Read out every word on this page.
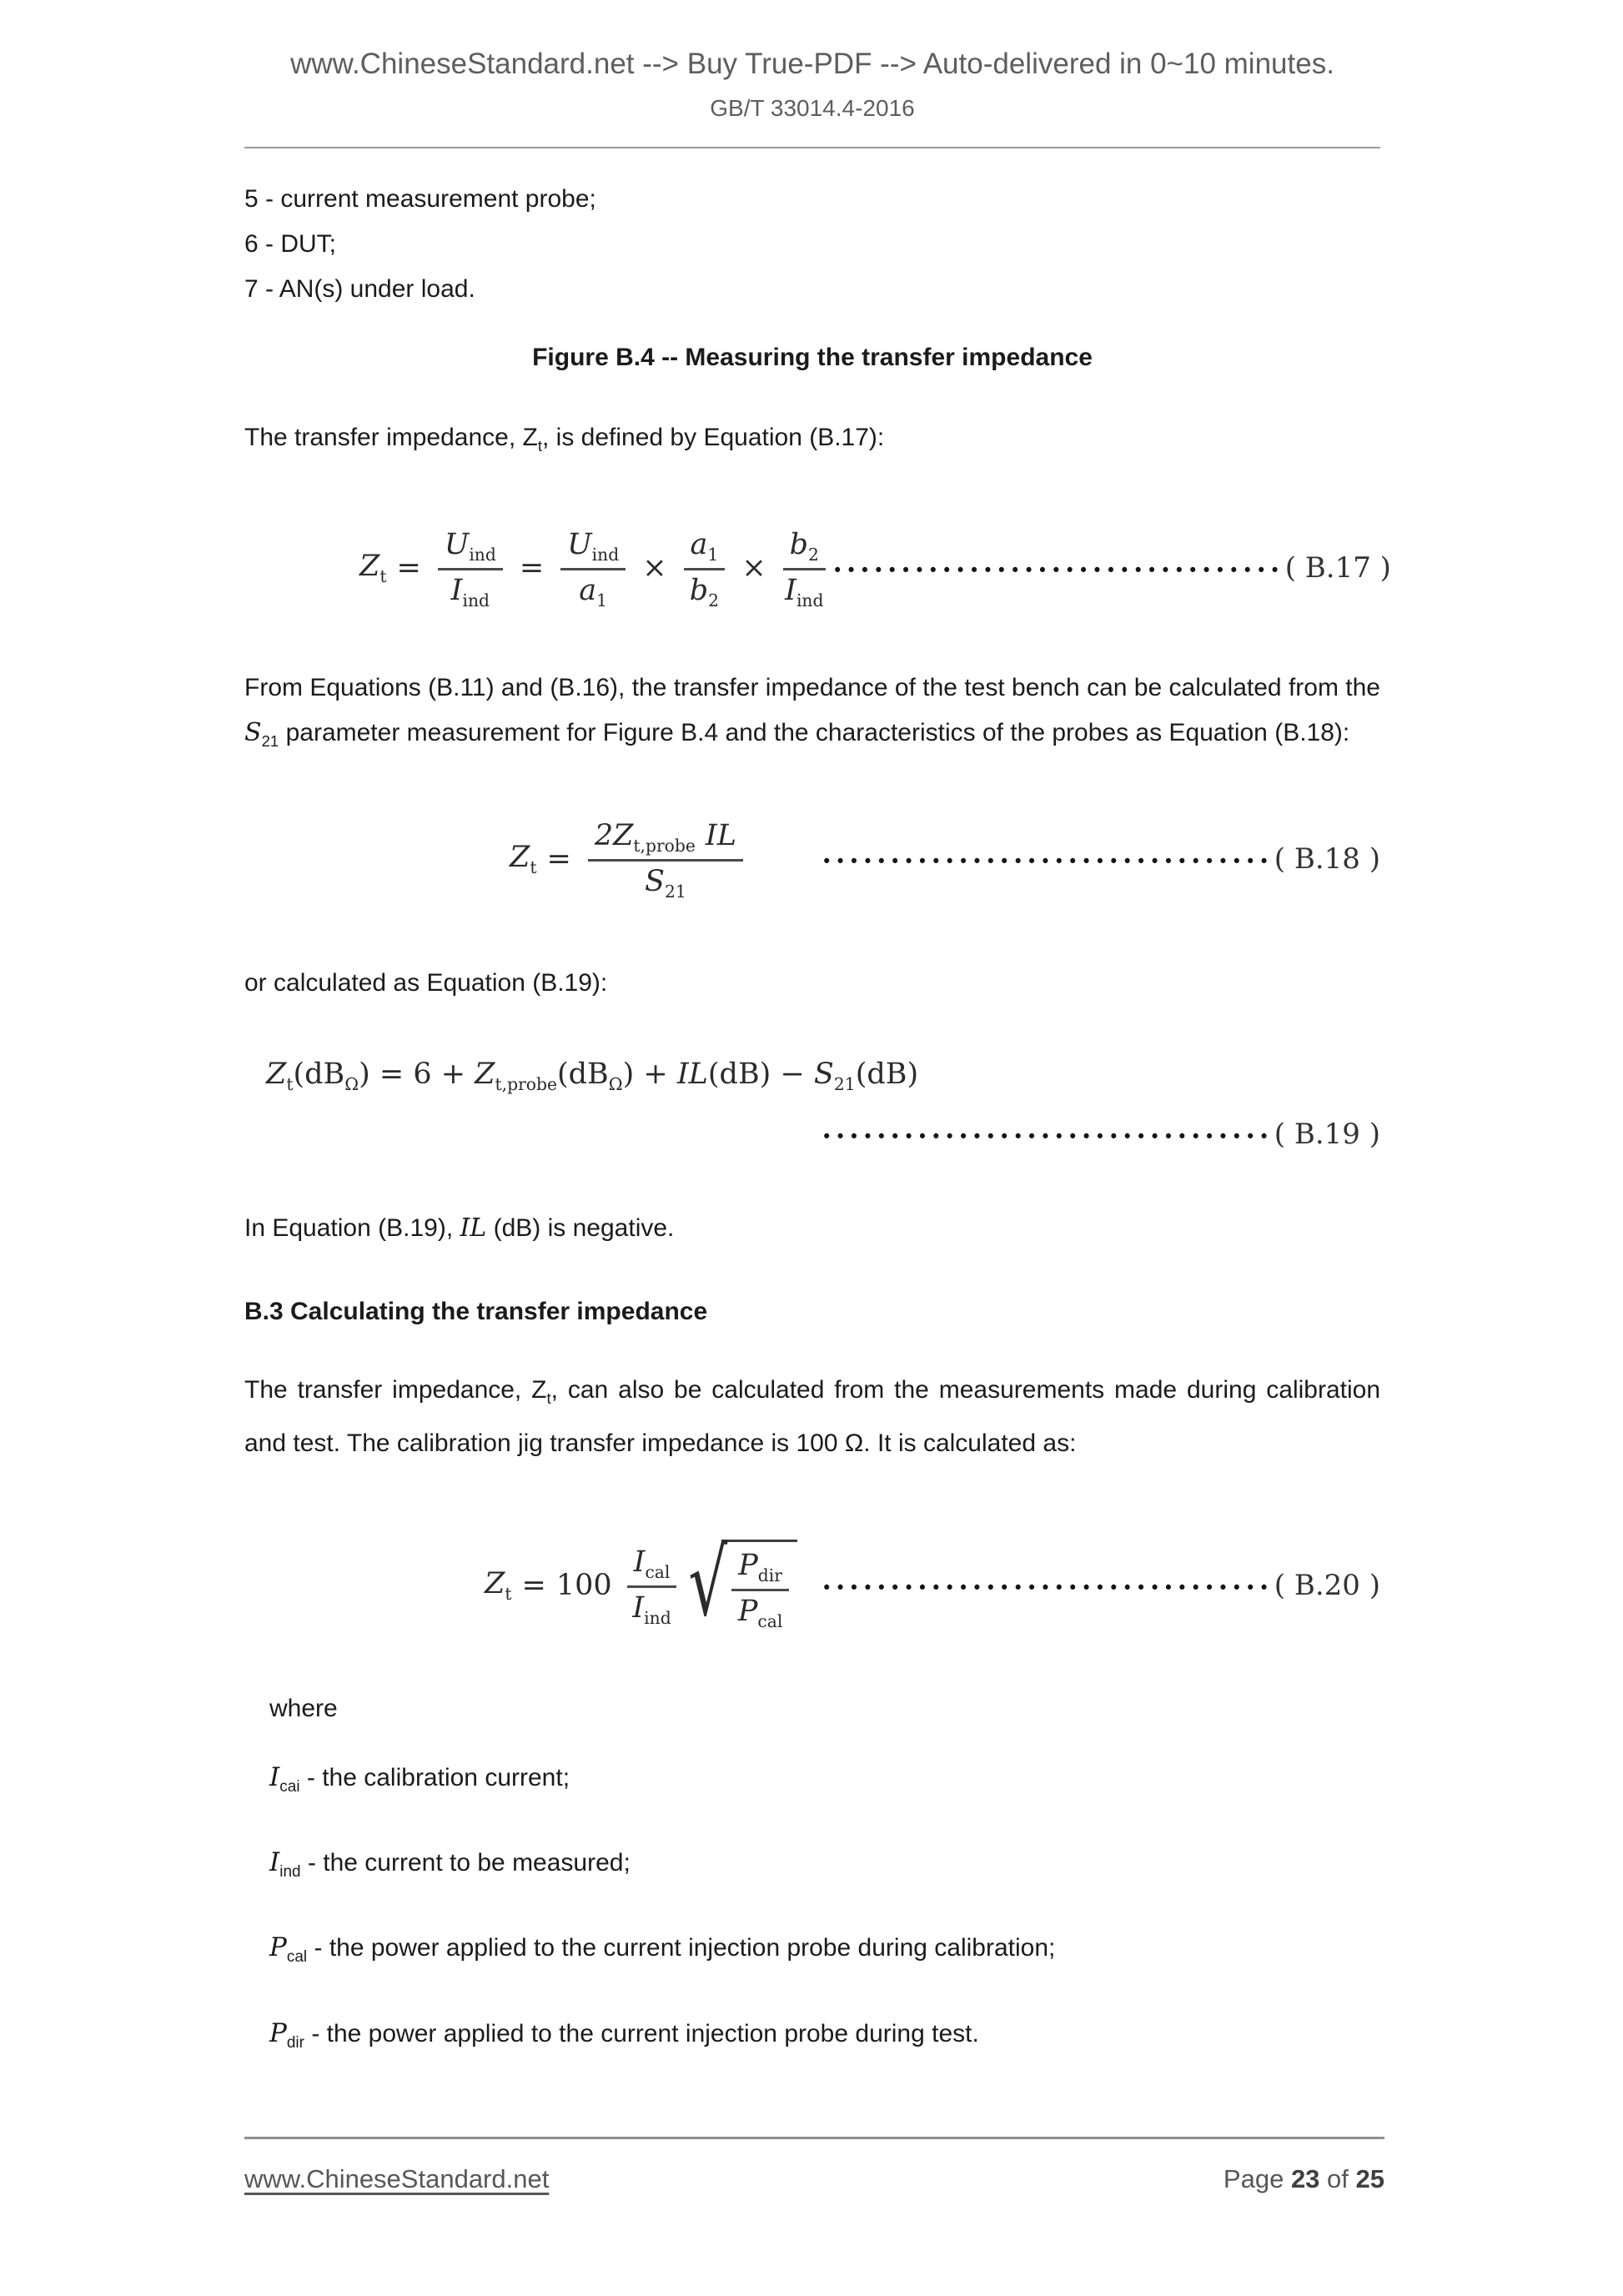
www.ChineseStandard.net --> Buy True-PDF --> Auto-delivered in 0~10 minutes.
GB/T 33014.4-2016
5 - current measurement probe;
6 - DUT;
7 - AN(s) under load.
Figure B.4 -- Measuring the transfer impedance
The transfer impedance, $Z_t$, is defined by Equation (B.17):
$Z_t = \frac{U_{ind}}{I_{ind}} = \frac{U_{ind}}{a_1} \times \frac{a_1}{b_2} \times \frac{b_2}{I_{ind}}$ ••••••••••••••••••••••••••••••••• ( B.17 )
From Equations (B.11) and (B.16), the transfer impedance of the test bench can be calculated from the $S_{21}$ parameter measurement for Figure B.4 and the characteristics of the probes as Equation (B.18):
$Z_t = \frac{2Z_{t,probe} IL}{S_{21}}$	••••••••••••••••••••••••••••••••• ( B.18 )
or calculated as Equation (B.19):
$Z_t(dB_\Omega) = 6 + Z_{t,probe}(dB_\Omega) + IL(dB) - S_{21}(dB)$
••••••••••••••••••••••••••••••••• ( B.19 )
In Equation (B.19), IL (dB) is negative.
B.3 Calculating the transfer impedance
The transfer impedance, $Z_t$, can also be calculated from the measurements made during calibration and test. The calibration jig transfer impedance is 100 Ω. It is calculated as:
$Z_t = 100 \frac{I_{cal}}{I_{ind}}$ √ $\frac{P_{dir}}{P_{cal}}$ ••••••••••••••••••••••••••••••••• ( B.20 )
where
$I_{cai}$ - the calibration current;
$I_{ind}$ - the current to be measured;
$P_{cal}$ - the power applied to the current injection probe during calibration;
$P_{dir}$ - the power applied to the current injection probe during test.
www.ChineseStandard.net	Page 23 of 25
